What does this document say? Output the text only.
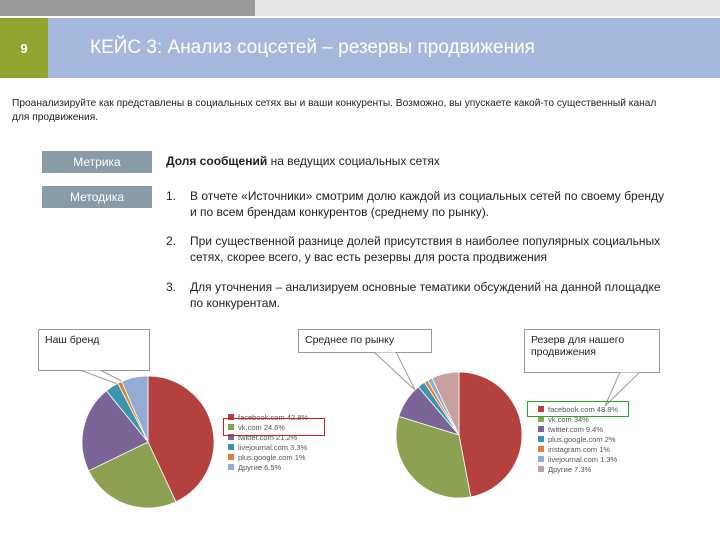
9	КЕЙС 3: Анализ соцсетей – резервы продвижения
Проанализируйте как представлены в социальных сетях вы и ваши конкуренты. Возможно, вы упускаете какой-то существенный канал для продвижения.
Метрика	Доля сообщений на ведущих социальных сетях
Методика	1.	В отчете «Источники» смотрим долю каждой из социальных сетей по своему бренду и по всем брендам конкурентов (среднему по рынку).
2.	При существенной разнице долей присутствия в наиболее популярных социальных сетях, скорее всего, у вас есть резервы для роста продвижения
3.	Для уточнения – анализируем основные тематики обсуждений на данной площадке по конкурентам.
Наш бренд	Среднее по рынку	Резерв для нашего продвижения
facebook.com 42.8%
vk.com 24.6%
twitter.com 21.2%
livejournal.com 3.3%
plus.google.com 1%
Другие 6.5%
facebook.com 48.8%
vk.com 34%
twitter.com 9.4%
plus.google.com 2%
instagram.com 1%
livejournal.com 1.3%
Другие 7.3%
